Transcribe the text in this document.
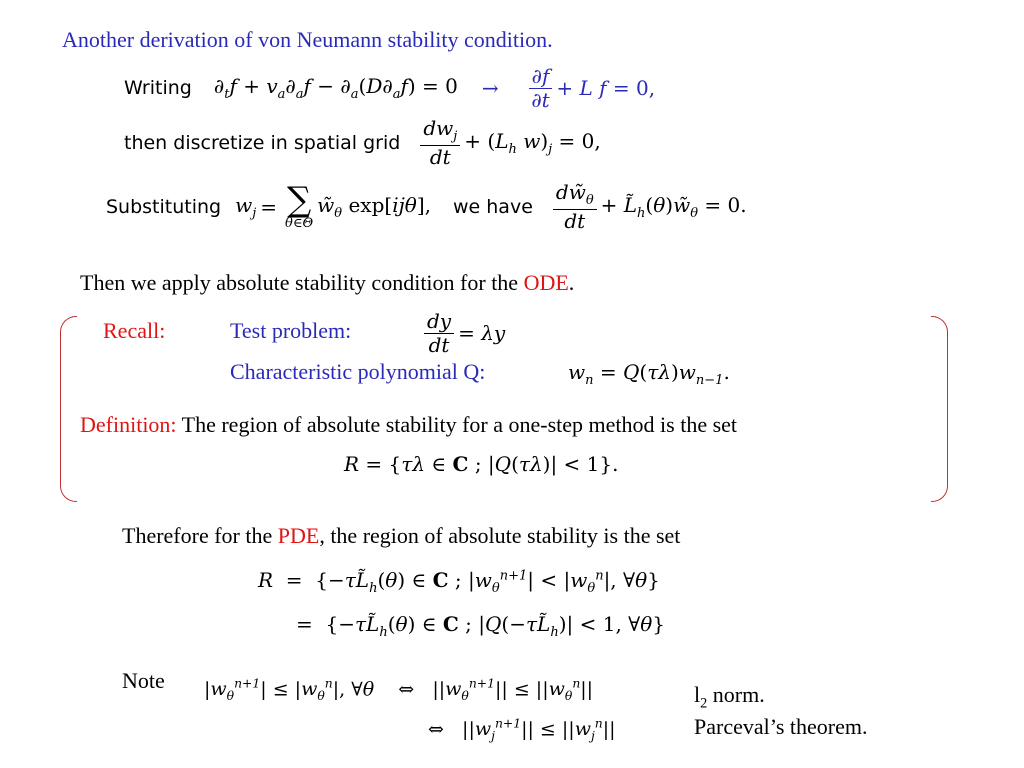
Another derivation of von Neumann stability condition.
Writing $\partial_tf + v_a\partial_af - \partial_a(D\partial_af) = 0 \to \frac{\partial f}{\partial t} + L$ f = 0,
then discretize in spatial grid $\frac{dw_j}{dt} + (L_h$ $w)_j = 0$,
Substituting $w_j$ = ∑
θ∈Θ
$w̃_\theta$ exp[ijθ], we have $\frac{dw̃_\theta}{dt}$ + $L̃_h(\theta)w̃_\theta = 0$.
Then we apply absolute stability condition for the ODE.
Recall:	Test problem:	$\frac{dy}{dt} = \lambda y$
Characteristic polynomial Q:	$w_n = Q(\tau\lambda)w_{n-1}$.
Definition: The region of absolute stability for a one-step method is the set
R = {τλ ∈ C ; |Q(τλ)| < 1}.
Therefore for the PDE, the region of absolute stability is the set
$R = \{-\tau L̃_h(\theta)$ ∈ C ; $|w_\theta^{n+1}| < |w_\theta^n|$, ∀θ}
=  {$-\tau L̃_h(\theta)$ ∈ C ; $|Q(-\tau L̃_h)| < 1$, ∀θ}
Note $|w_\theta^{n+1}| \le |w_\theta^n|$, ∀θ    ⇔   $||w_\theta^{n+1}|| \le ||w_\theta^n||$
⇔   $||w_j^{n+1}|| \le ||w_j^n||$
$l_2$ norm.
Parceval’s theorem.
